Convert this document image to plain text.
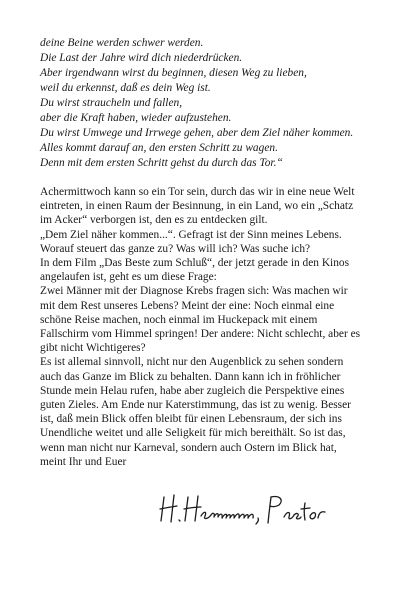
deine Beine werden schwer werden.
Die Last der Jahre wird dich niederdrücken.
Aber irgendwann wirst du beginnen, diesen Weg zu lieben,
weil du erkennst, daß es dein Weg ist.
Du wirst straucheln und fallen,
aber die Kraft haben, wieder aufzustehen.
Du wirst Umwege und Irrwege gehen, aber dem Ziel näher kommen.
Alles kommt darauf an, den ersten Schritt zu wagen.
Denn mit dem ersten Schritt gehst du durch das Tor.“
Achermittwoch kann so ein Tor sein, durch das wir in eine neue Welt
eintreten, in einen Raum der Besinnung, in ein Land, wo ein „Schatz
im Acker“ verborgen ist, den es zu entdecken gilt.
„Dem Ziel näher kommen...“. Gefragt ist der Sinn meines Lebens.
Worauf steuert das ganze zu? Was will ich? Was suche ich?
In dem Film „Das Beste zum Schluß“, der jetzt gerade in den Kinos
angelaufen ist, geht es um diese Frage:
Zwei Männer mit der Diagnose Krebs fragen sich: Was machen wir
mit dem Rest unseres Lebens? Meint der eine: Noch einmal eine
schöne Reise machen, noch einmal im Huckepack mit einem
Fallschirm vom Himmel springen! Der andere: Nicht schlecht, aber es
gibt nicht Wichtigeres?
Es ist allemal sinnvoll, nicht nur den Augenblick zu sehen sondern
auch das Ganze im Blick zu behalten. Dann kann ich in fröhlicher
Stunde mein Helau rufen, habe aber zugleich die Perspektive eines
guten Zieles. Am Ende nur Katerstimmung, das ist zu wenig. Besser
ist, daß mein Blick offen bleibt für einen Lebensraum, der sich ins
Unendliche weitet und alle Seligkeit für mich bereithält. So ist das,
wenn man nicht nur Karneval, sondern auch Ostern im Blick hat,
meint Ihr und Euer
